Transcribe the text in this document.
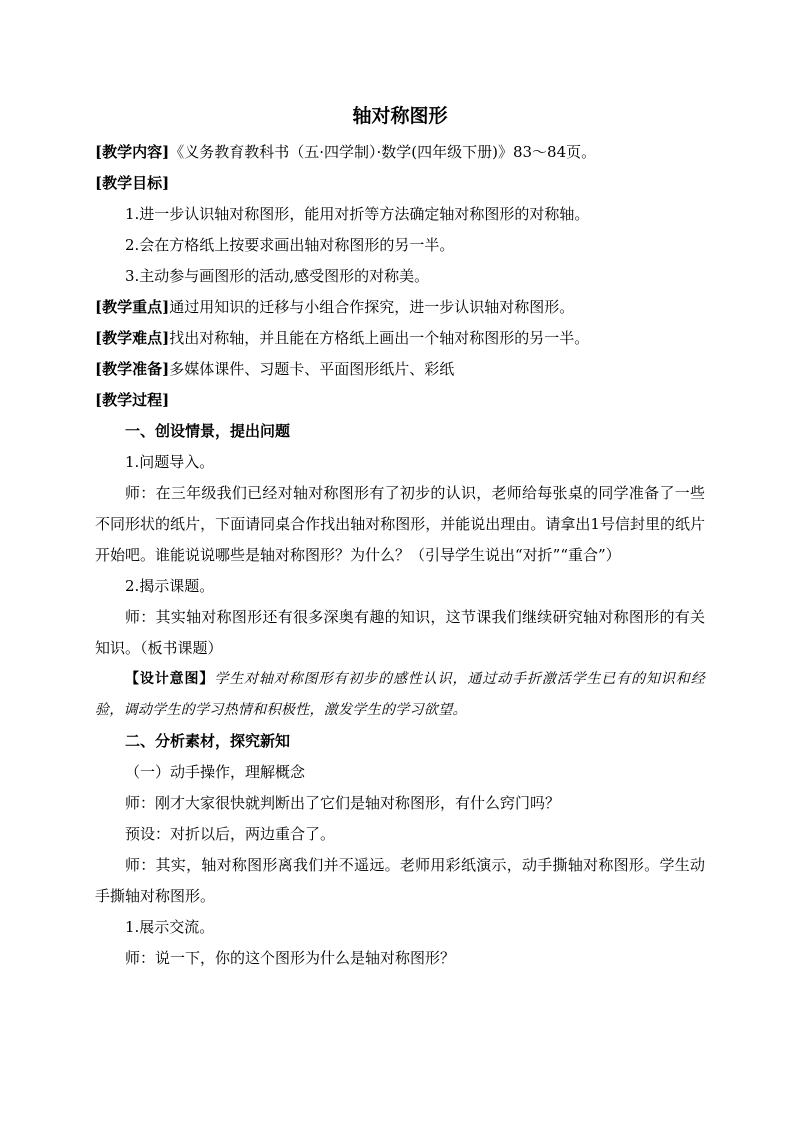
轴对称图形
[教学内容]《义务教育教科书（五·四学制）·数学(四年级下册)》83～84页。
[教学目标]
1.进一步认识轴对称图形，能用对折等方法确定轴对称图形的对称轴。
2.会在方格纸上按要求画出轴对称图形的另一半。
3.主动参与画图形的活动,感受图形的对称美。
[教学重点]通过用知识的迁移与小组合作探究，进一步认识轴对称图形。
[教学难点]找出对称轴，并且能在方格纸上画出一个轴对称图形的另一半。
[教学准备]多媒体课件、习题卡、平面图形纸片、彩纸
[教学过程]
一、创设情景，提出问题
1.问题导入。
师：在三年级我们已经对轴对称图形有了初步的认识，老师给每张桌的同学准备了一些不同形状的纸片，下面请同桌合作找出轴对称图形，并能说出理由。请拿出1号信封里的纸片开始吧。谁能说说哪些是轴对称图形？为什么？（引导学生说出“对折”“重合”）
2.揭示课题。
师：其实轴对称图形还有很多深奥有趣的知识，这节课我们继续研究轴对称图形的有关知识。（板书课题）
【设计意图】学生对轴对称图形有初步的感性认识，通过动手折激活学生已有的知识和经验，调动学生的学习热情和积极性，激发学生的学习欲望。
二、分析素材，探究新知
（一）动手操作，理解概念
师：刚才大家很快就判断出了它们是轴对称图形，有什么窍门吗？
预设：对折以后，两边重合了。
师：其实，轴对称图形离我们并不遥远。老师用彩纸演示，动手撕轴对称图形。学生动手撕轴对称图形。
1.展示交流。
师：说一下，你的这个图形为什么是轴对称图形？
